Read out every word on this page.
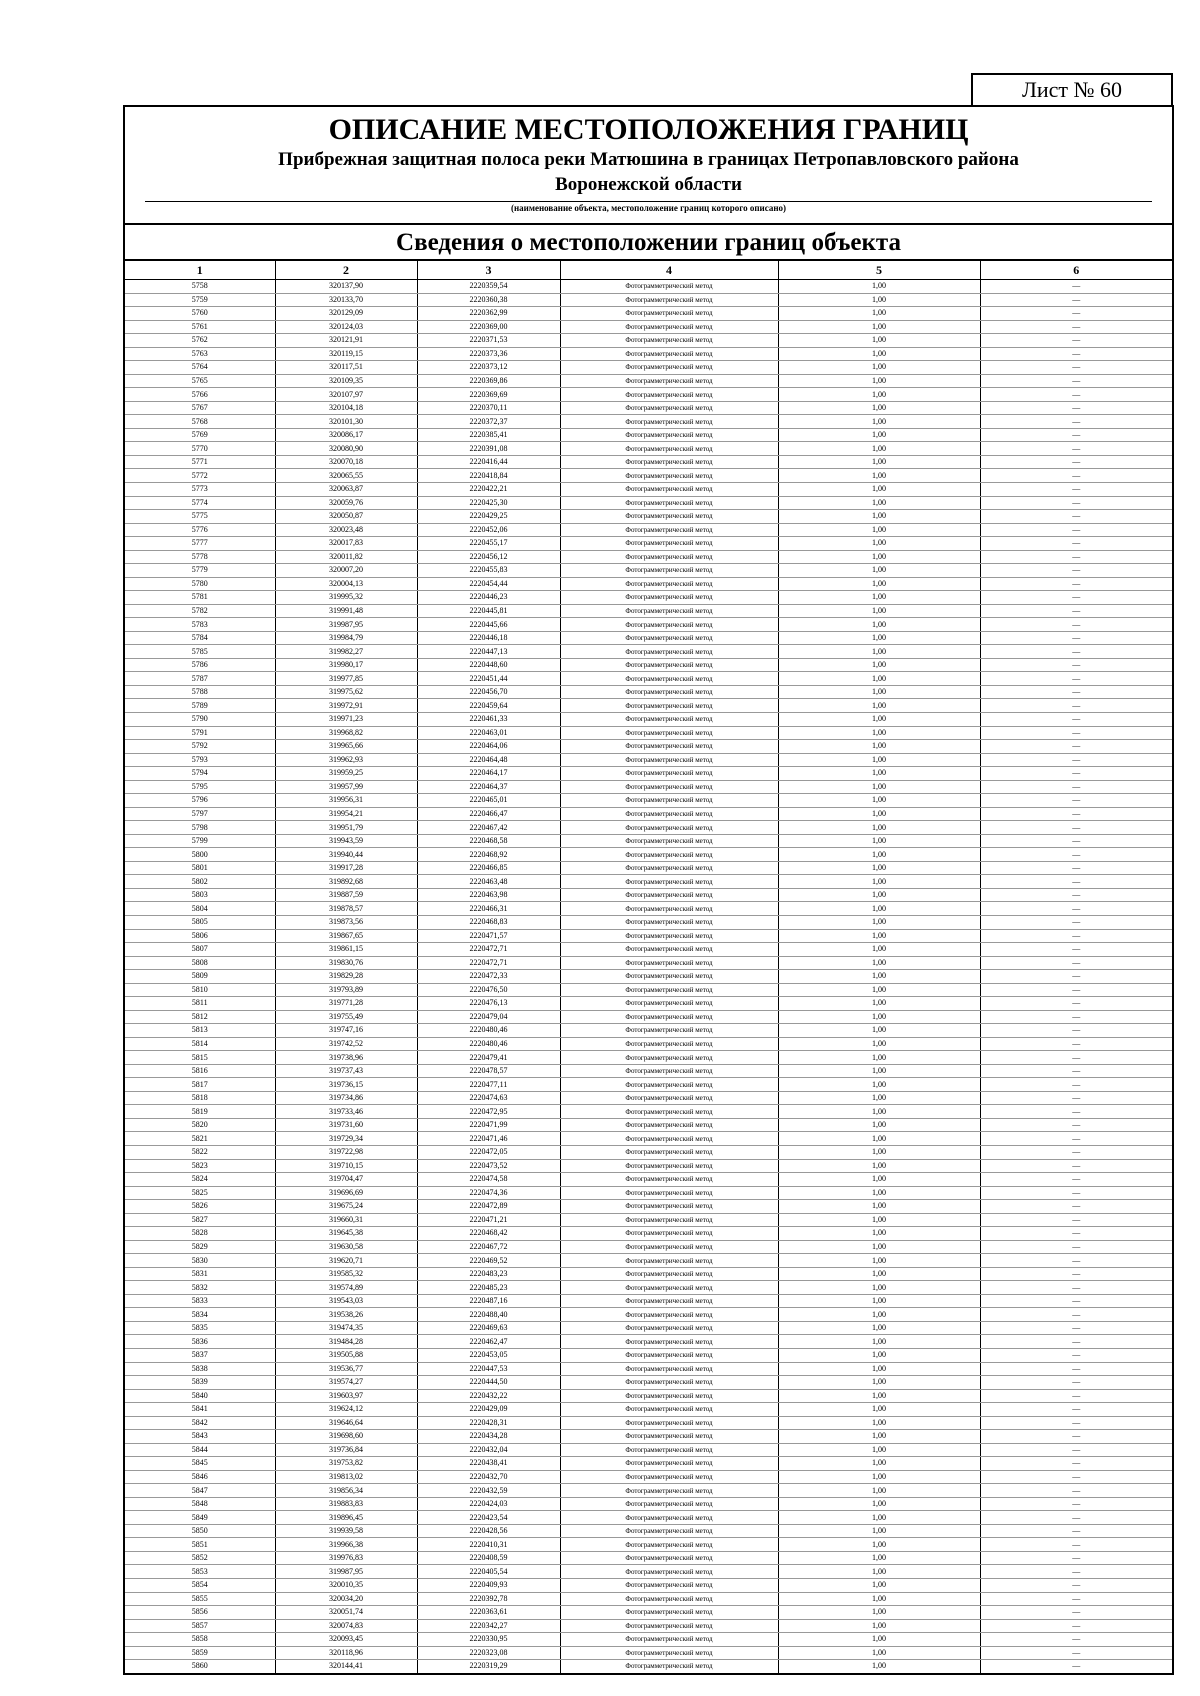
Лист № 60
ОПИСАНИЕ МЕСТОПОЛОЖЕНИЯ ГРАНИЦ
Прибрежная защитная полоса реки Матюшина в границах Петропавловского района
Воронежской области
(наименование объекта, местоположение границ которого описано)
Сведения о местоположении границ объекта
1	2	3	4	5	6
5758	320137,90	2220359,54	Фотограмметрический метод	1,00	—
5759	320133,70	2220360,38	Фотограмметрический метод	1,00	—
5760	320129,09	2220362,99	Фотограмметрический метод	1,00	—
5761	320124,03	2220369,00	Фотограмметрический метод	1,00	—
5762	320121,91	2220371,53	Фотограмметрический метод	1,00	—
5763	320119,15	2220373,36	Фотограмметрический метод	1,00	—
5764	320117,51	2220373,12	Фотограмметрический метод	1,00	—
5765	320109,35	2220369,86	Фотограмметрический метод	1,00	—
5766	320107,97	2220369,69	Фотограмметрический метод	1,00	—
5767	320104,18	2220370,11	Фотограмметрический метод	1,00	—
5768	320101,30	2220372,37	Фотограмметрический метод	1,00	—
5769	320086,17	2220385,41	Фотограмметрический метод	1,00	—
5770	320080,90	2220391,08	Фотограмметрический метод	1,00	—
5771	320070,18	2220416,44	Фотограмметрический метод	1,00	—
5772	320065,55	2220418,84	Фотограмметрический метод	1,00	—
5773	320063,87	2220422,21	Фотограмметрический метод	1,00	—
5774	320059,76	2220425,30	Фотограмметрический метод	1,00	—
5775	320050,87	2220429,25	Фотограмметрический метод	1,00	—
5776	320023,48	2220452,06	Фотограмметрический метод	1,00	—
5777	320017,83	2220455,17	Фотограмметрический метод	1,00	—
5778	320011,82	2220456,12	Фотограмметрический метод	1,00	—
5779	320007,20	2220455,83	Фотограмметрический метод	1,00	—
5780	320004,13	2220454,44	Фотограмметрический метод	1,00	—
5781	319995,32	2220446,23	Фотограмметрический метод	1,00	—
5782	319991,48	2220445,81	Фотограмметрический метод	1,00	—
5783	319987,95	2220445,66	Фотограмметрический метод	1,00	—
5784	319984,79	2220446,18	Фотограмметрический метод	1,00	—
5785	319982,27	2220447,13	Фотограмметрический метод	1,00	—
5786	319980,17	2220448,60	Фотограмметрический метод	1,00	—
5787	319977,85	2220451,44	Фотограмметрический метод	1,00	—
5788	319975,62	2220456,70	Фотограмметрический метод	1,00	—
5789	319972,91	2220459,64	Фотограмметрический метод	1,00	—
5790	319971,23	2220461,33	Фотограмметрический метод	1,00	—
5791	319968,82	2220463,01	Фотограмметрический метод	1,00	—
5792	319965,66	2220464,06	Фотограмметрический метод	1,00	—
5793	319962,93	2220464,48	Фотограмметрический метод	1,00	—
5794	319959,25	2220464,17	Фотограмметрический метод	1,00	—
5795	319957,99	2220464,37	Фотограмметрический метод	1,00	—
5796	319956,31	2220465,01	Фотограмметрический метод	1,00	—
5797	319954,21	2220466,47	Фотограмметрический метод	1,00	—
5798	319951,79	2220467,42	Фотограмметрический метод	1,00	—
5799	319943,59	2220468,58	Фотограмметрический метод	1,00	—
5800	319940,44	2220468,92	Фотограмметрический метод	1,00	—
5801	319917,28	2220466,85	Фотограмметрический метод	1,00	—
5802	319892,68	2220463,48	Фотограмметрический метод	1,00	—
5803	319887,59	2220463,98	Фотограмметрический метод	1,00	—
5804	319878,57	2220466,31	Фотограмметрический метод	1,00	—
5805	319873,56	2220468,83	Фотограмметрический метод	1,00	—
5806	319867,65	2220471,57	Фотограмметрический метод	1,00	—
5807	319861,15	2220472,71	Фотограмметрический метод	1,00	—
5808	319830,76	2220472,71	Фотограмметрический метод	1,00	—
5809	319829,28	2220472,33	Фотограмметрический метод	1,00	—
5810	319793,89	2220476,50	Фотограмметрический метод	1,00	—
5811	319771,28	2220476,13	Фотограмметрический метод	1,00	—
5812	319755,49	2220479,04	Фотограмметрический метод	1,00	—
5813	319747,16	2220480,46	Фотограмметрический метод	1,00	—
5814	319742,52	2220480,46	Фотограмметрический метод	1,00	—
5815	319738,96	2220479,41	Фотограмметрический метод	1,00	—
5816	319737,43	2220478,57	Фотограмметрический метод	1,00	—
5817	319736,15	2220477,11	Фотограмметрический метод	1,00	—
5818	319734,86	2220474,63	Фотограмметрический метод	1,00	—
5819	319733,46	2220472,95	Фотограмметрический метод	1,00	—
5820	319731,60	2220471,99	Фотограмметрический метод	1,00	—
5821	319729,34	2220471,46	Фотограмметрический метод	1,00	—
5822	319722,98	2220472,05	Фотограмметрический метод	1,00	—
5823	319710,15	2220473,52	Фотограмметрический метод	1,00	—
5824	319704,47	2220474,58	Фотограмметрический метод	1,00	—
5825	319696,69	2220474,36	Фотограмметрический метод	1,00	—
5826	319675,24	2220472,89	Фотограмметрический метод	1,00	—
5827	319660,31	2220471,21	Фотограмметрический метод	1,00	—
5828	319645,38	2220468,42	Фотограмметрический метод	1,00	—
5829	319630,58	2220467,72	Фотограмметрический метод	1,00	—
5830	319620,71	2220469,52	Фотограмметрический метод	1,00	—
5831	319585,32	2220483,23	Фотограмметрический метод	1,00	—
5832	319574,89	2220485,23	Фотограмметрический метод	1,00	—
5833	319543,03	2220487,16	Фотограмметрический метод	1,00	—
5834	319538,26	2220488,40	Фотограмметрический метод	1,00	—
5835	319474,35	2220469,63	Фотограмметрический метод	1,00	—
5836	319484,28	2220462,47	Фотограмметрический метод	1,00	—
5837	319505,88	2220453,05	Фотограмметрический метод	1,00	—
5838	319536,77	2220447,53	Фотограмметрический метод	1,00	—
5839	319574,27	2220444,50	Фотограмметрический метод	1,00	—
5840	319603,97	2220432,22	Фотограмметрический метод	1,00	—
5841	319624,12	2220429,09	Фотограмметрический метод	1,00	—
5842	319646,64	2220428,31	Фотограмметрический метод	1,00	—
5843	319698,60	2220434,28	Фотограмметрический метод	1,00	—
5844	319736,84	2220432,04	Фотограмметрический метод	1,00	—
5845	319753,82	2220438,41	Фотограмметрический метод	1,00	—
5846	319813,02	2220432,70	Фотограмметрический метод	1,00	—
5847	319856,34	2220432,59	Фотограмметрический метод	1,00	—
5848	319883,83	2220424,03	Фотограмметрический метод	1,00	—
5849	319896,45	2220423,54	Фотограмметрический метод	1,00	—
5850	319939,58	2220428,56	Фотограмметрический метод	1,00	—
5851	319966,38	2220410,31	Фотограмметрический метод	1,00	—
5852	319976,83	2220408,59	Фотограмметрический метод	1,00	—
5853	319987,95	2220405,54	Фотограмметрический метод	1,00	—
5854	320010,35	2220409,93	Фотограмметрический метод	1,00	—
5855	320034,20	2220392,78	Фотограмметрический метод	1,00	—
5856	320051,74	2220363,61	Фотограмметрический метод	1,00	—
5857	320074,83	2220342,27	Фотограмметрический метод	1,00	—
5858	320093,45	2220330,95	Фотограмметрический метод	1,00	—
5859	320118,96	2220323,08	Фотограмметрический метод	1,00	—
5860	320144,41	2220319,29	Фотограмметрический метод	1,00	—
